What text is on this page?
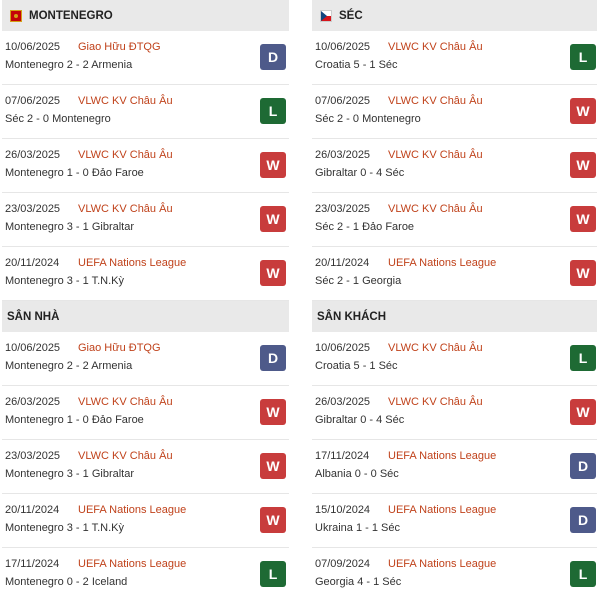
MONTENEGRO
10/06/2025 Giao Hữu ĐTQG
Montenegro 2 - 2 Armenia	D
07/06/2025 VLWC KV Châu Âu
Séc 2 - 0 Montenegro	L
26/03/2025 VLWC KV Châu Âu
Montenegro 1 - 0 Đảo Faroe	W
23/03/2025 VLWC KV Châu Âu
Montenegro 3 - 1 Gibraltar	W
20/11/2024 UEFA Nations League
Montenegro 3 - 1 T.N.Kỳ	W
SÂN NHÀ
10/06/2025 Giao Hữu ĐTQG
Montenegro 2 - 2 Armenia	D
26/03/2025 VLWC KV Châu Âu
Montenegro 1 - 0 Đảo Faroe	W
23/03/2025 VLWC KV Châu Âu
Montenegro 3 - 1 Gibraltar	W
20/11/2024 UEFA Nations League
Montenegro 3 - 1 T.N.Kỳ	W
17/11/2024 UEFA Nations League
Montenegro 0 - 2 Iceland	L
SÉC
10/06/2025 VLWC KV Châu Âu
Croatia 5 - 1 Séc	L
07/06/2025 VLWC KV Châu Âu
Séc 2 - 0 Montenegro	W
26/03/2025 VLWC KV Châu Âu
Gibraltar 0 - 4 Séc	W
23/03/2025 VLWC KV Châu Âu
Séc 2 - 1 Đảo Faroe	W
20/11/2024 UEFA Nations League
Séc 2 - 1 Georgia	W
SÂN KHÁCH
10/06/2025 VLWC KV Châu Âu
Croatia 5 - 1 Séc	L
26/03/2025 VLWC KV Châu Âu
Gibraltar 0 - 4 Séc	W
17/11/2024 UEFA Nations League
Albania 0 - 0 Séc	D
15/10/2024 UEFA Nations League
Ukraina 1 - 1 Séc	D
07/09/2024 UEFA Nations League
Georgia 4 - 1 Séc	L
